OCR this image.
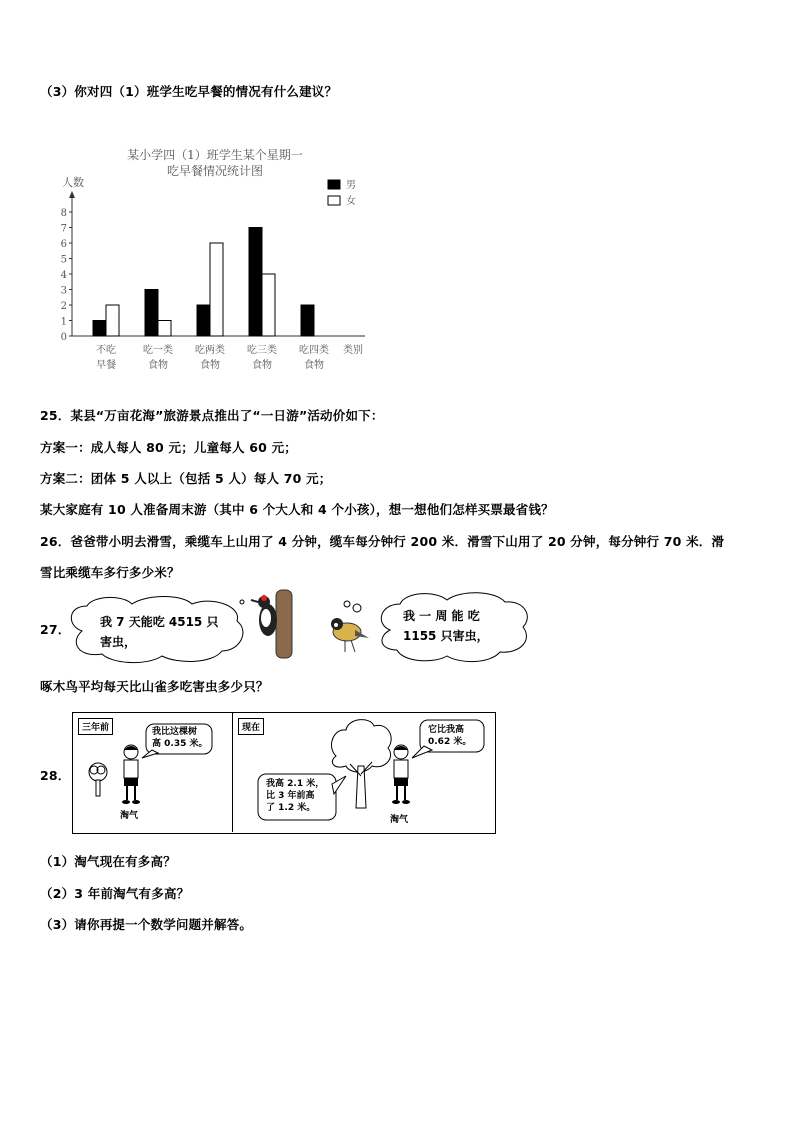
（3）你对四（1）班学生吃早餐的情况有什么建议？
某小学四（1）班学生某个星期一
吃早餐情况统计图
人数
0
1
2
3
4
5
6
7
8
不吃
早餐
吃一类
食物
吃两类
食物
吃三类
食物
吃四类
食物
类别
男
女
25．某县“万亩花海”旅游景点推出了“一日游”活动价如下：
方案一：成人每人 80 元；儿童每人 60 元；
方案二：团体 5 人以上（包括 5 人）每人 70 元；
某大家庭有 10 人准备周末游（其中 6 个大人和 4 个小孩），想一想他们怎样买票最省钱？
26．爸爸带小明去滑雪，乘缆车上山用了 4 分钟，缆车每分钟行 200 米．滑雪下山用了 20 分钟，每分钟行 70 米．滑
雪比乘缆车多行多少米？
27． 我 7 天能吃 4515 只
害虫，
我 一 周 能 吃
1155 只害虫，
啄木鸟平均每天比山雀多吃害虫多少只？
28．
三年前	我比这棵树
高 0.35 米。
淘气
现在	它比我高
0.62 米。
我高 2.1 米，
比 3 年前高
了 1.2 米。
淘气
（1）淘气现在有多高？
（2）3 年前淘气有多高？
（3）请你再提一个数学问题并解答。
